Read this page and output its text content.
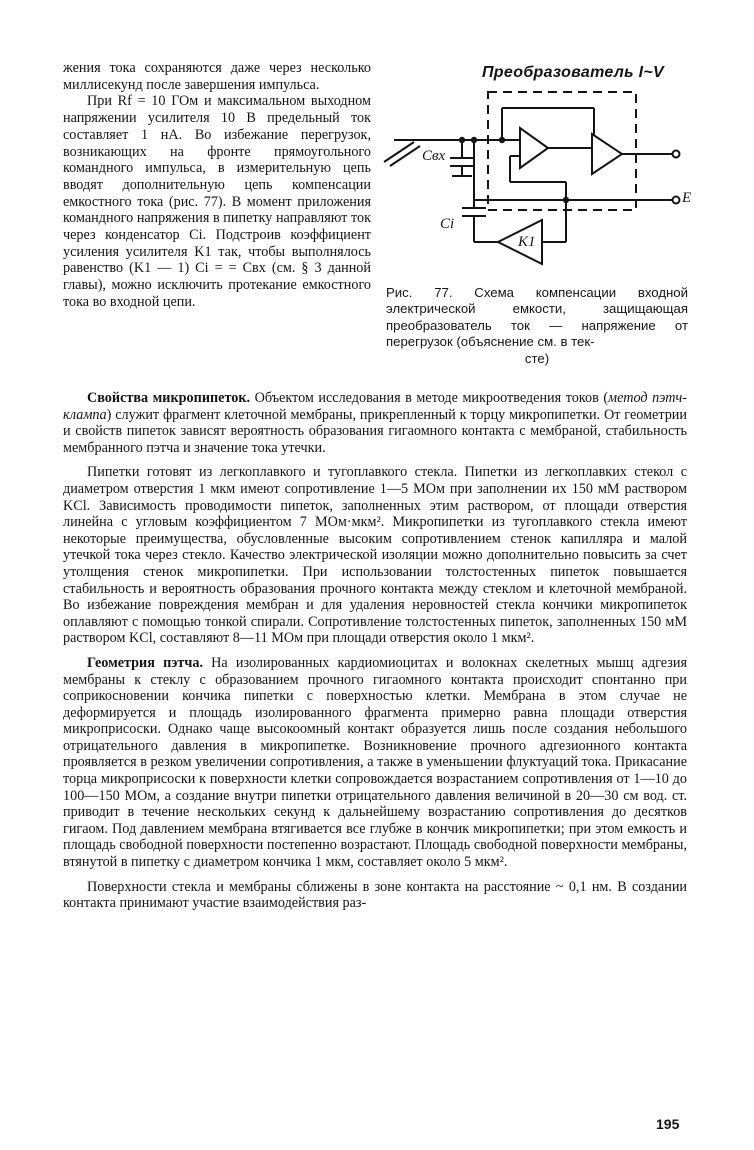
жения тока сохраняются даже через несколько миллисекунд после завершения импульса.

При Rf = 10 ГОм и максимальном выходном напряжении усилителя 10 В предельный ток составляет 1 нА. Во избежание перегрузок, возникающих на фронте прямоугольного командного импульса, в измерительную цепь вводят дополнительную цепь компенсации емкостного тока (рис. 77). В момент приложения командного напряжения в пипетку направляют ток через конденсатор Ci. Подстроив коэффициент усиления усилителя K1 так, чтобы выполнялось равенство (K1 — 1) Ci = = Cвх (см. § 3 данной главы), можно исключить протекание емкостного тока во входной цепи.

Преобразователь I~V
Cвх
Ci
K1
E
Рис. 77. Схема компенсации входной электрической емкости, защищающая преобразователь ток — напряжение от перегрузок (объяснение см. в тек-
сте)

Свойства микропипеток. Объектом исследования в методе микроотведения токов (метод пэтч-клампа) служит фрагмент клеточной мембраны, прикрепленный к торцу микропипетки. От геометрии и свойств пипеток зависят вероятность образования гигаомного контакта с мембраной, стабильность мембранного пэтча и значение тока утечки.

Пипетки готовят из легкоплавкого и тугоплавкого стекла. Пипетки из легкоплавких стекол с диаметром отверстия 1 мкм имеют сопротивление 1—5 МОм при заполнении их 150 мМ раствором KCl. Зависимость проводимости пипеток, заполненных этим раствором, от площади отверстия линейна с угловым коэффициентом 7 МОм·мкм². Микропипетки из тугоплавкого стекла имеют некоторые преимущества, обусловленные высоким сопротивлением стенок капилляра и малой утечкой тока через стекло. Качество электрической изоляции можно дополнительно повысить за счет утолщения стенок микропипетки. При использовании толстостенных пипеток повышается стабильность и вероятность образования прочного контакта между стеклом и клеточной мембраной. Во избежание повреждения мембран и для удаления неровностей стекла кончики микропипеток оплавляют с помощью тонкой спирали. Сопротивление толстостенных пипеток, заполненных 150 мМ раствором KCl, составляют 8—11 МОм при площади отверстия около 1 мкм².

Геометрия пэтча. На изолированных кардиомиоцитах и волокнах скелетных мышц адгезия мембраны к стеклу с образованием прочного гигаомного контакта происходит спонтанно при соприкосновении кончика пипетки с поверхностью клетки. Мембрана в этом случае не деформируется и площадь изолированного фрагмента примерно равна площади отверстия микроприсоски. Однако чаще высокоомный контакт образуется лишь после создания небольшого отрицательного давления в микропипетке. Возникновение прочного адгезионного контакта проявляется в резком увеличении сопротивления, а также в уменьшении флуктуаций тока. Прикасание торца микроприсоски к поверхности клетки сопровождается возрастанием сопротивления от 1—10 до 100—150 МОм, а создание внутри пипетки отрицательного давления величиной в 20—30 см вод. ст. приводит в течение нескольких секунд к дальнейшему возрастанию сопротивления до десятков гигаом. Под давлением мембрана втягивается все глубже в кончик микропипетки; при этом емкость и площадь свободной поверхности постепенно возрастают. Площадь свободной поверхности мембраны, втянутой в пипетку с диаметром кончика 1 мкм, составляет около 5 мкм².

Поверхности стекла и мембраны сближены в зоне контакта на расстояние ~ 0,1 нм. В создании контакта принимают участие взаимодействия раз-

195
